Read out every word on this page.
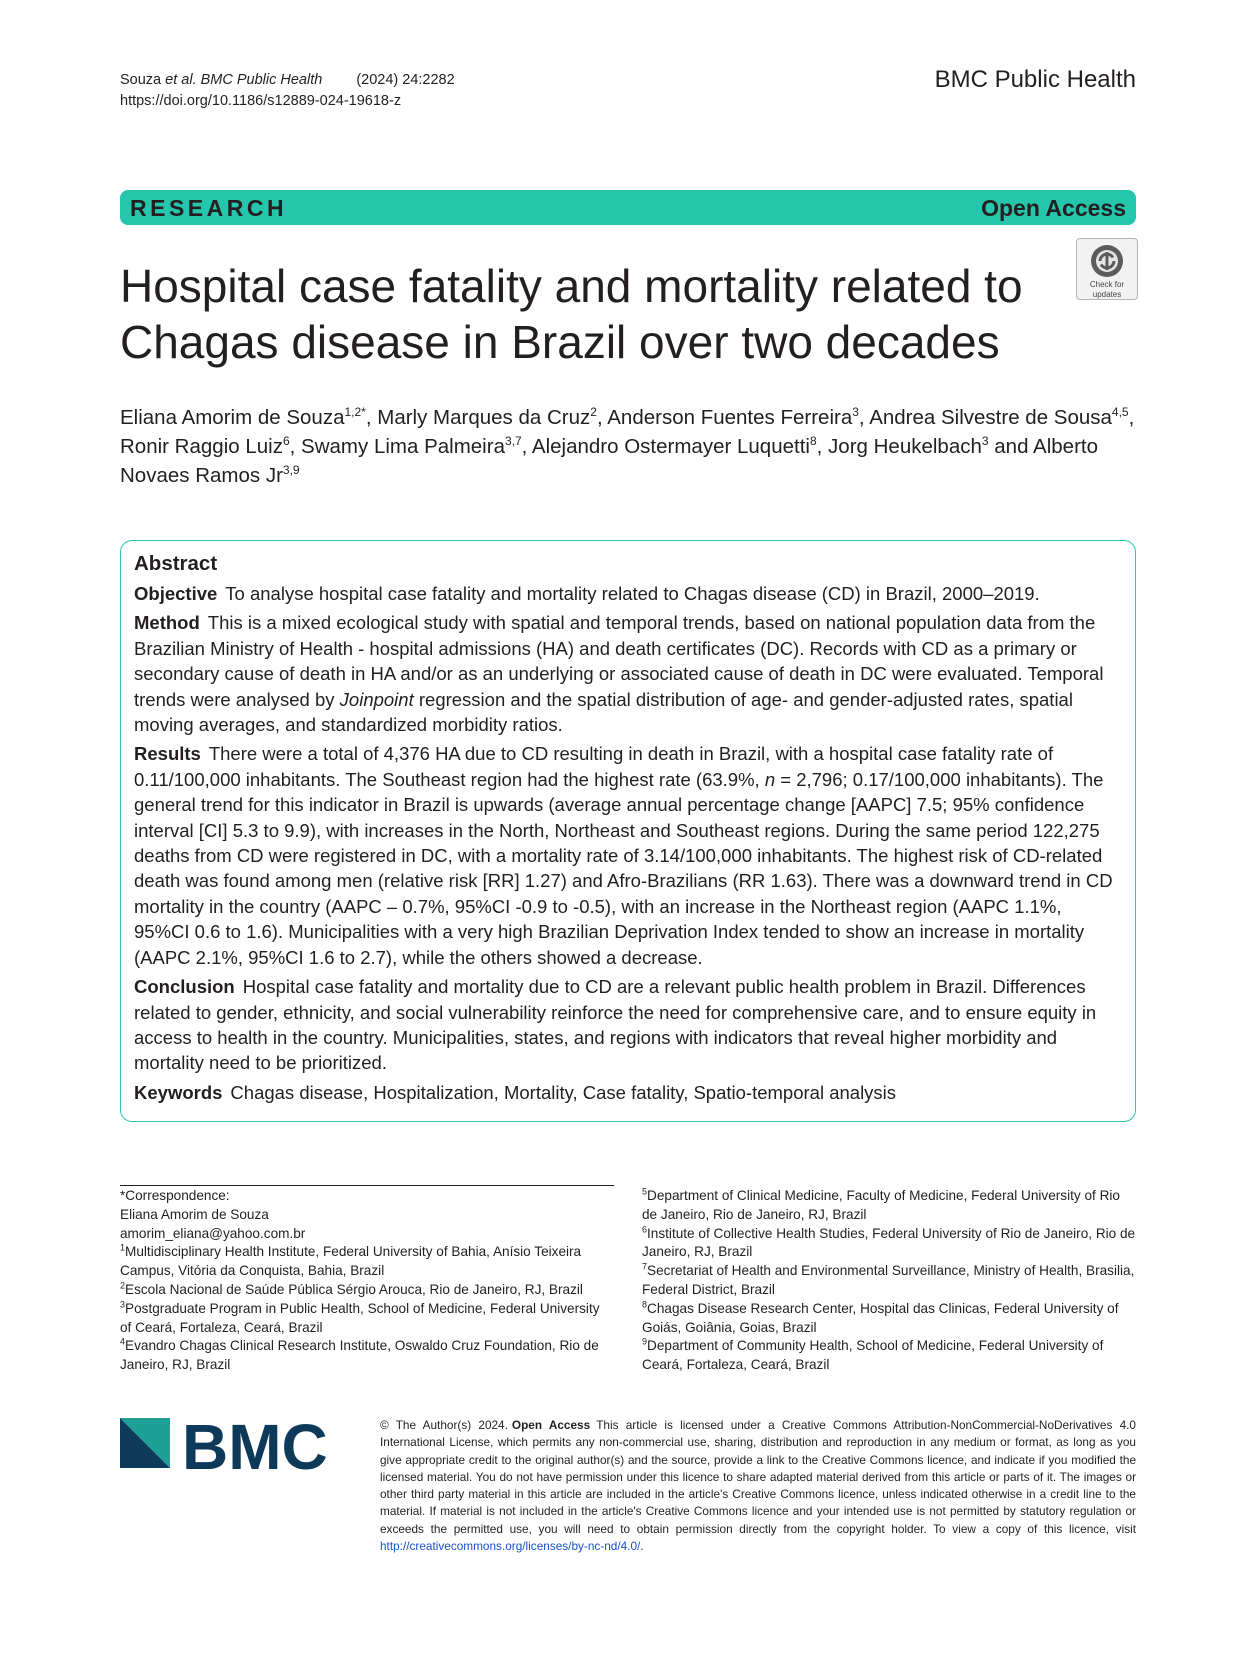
Souza et al. BMC Public Health (2024) 24:2282
https://doi.org/10.1186/s12889-024-19618-z
BMC Public Health
RESEARCH	Open Access
Check for
updates
Hospital case fatality and mortality related to Chagas disease in Brazil over two decades
Eliana Amorim de Souza$^{1,2*}$, Marly Marques da Cruz$^2$, Anderson Fuentes Ferreira$^3$, Andrea Silvestre de Sousa$^{4,5}$, Ronir Raggio Luiz$^6$, Swamy Lima Palmeira$^{3,7}$, Alejandro Ostermayer Luquetti$^8$, Jorg Heukelbach$^3$ and Alberto Novaes Ramos Jr$^{3,9}$
Abstract

Objective To analyse hospital case fatality and mortality related to Chagas disease (CD) in Brazil, 2000–2019.

Method This is a mixed ecological study with spatial and temporal trends, based on national population data from the Brazilian Ministry of Health - hospital admissions (HA) and death certificates (DC). Records with CD as a primary or secondary cause of death in HA and/or as an underlying or associated cause of death in DC were evaluated. Temporal trends were analysed by Joinpoint regression and the spatial distribution of age- and gender-adjusted rates, spatial moving averages, and standardized morbidity ratios.

Results There were a total of 4,376 HA due to CD resulting in death in Brazil, with a hospital case fatality rate of 0.11/100,000 inhabitants. The Southeast region had the highest rate (63.9%, n = 2,796; 0.17/100,000 inhabitants). The general trend for this indicator in Brazil is upwards (average annual percentage change [AAPC] 7.5; 95% confidence interval [CI] 5.3 to 9.9), with increases in the North, Northeast and Southeast regions. During the same period 122,275 deaths from CD were registered in DC, with a mortality rate of 3.14/100,000 inhabitants. The highest risk of CD-related death was found among men (relative risk [RR] 1.27) and Afro-Brazilians (RR 1.63). There was a downward trend in CD mortality in the country (AAPC – 0.7%, 95%CI -0.9 to -0.5), with an increase in the Northeast region (AAPC 1.1%, 95%CI 0.6 to 1.6). Municipalities with a very high Brazilian Deprivation Index tended to show an increase in mortality (AAPC 2.1%, 95%CI 1.6 to 2.7), while the others showed a decrease.

Conclusion Hospital case fatality and mortality due to CD are a relevant public health problem in Brazil. Differences related to gender, ethnicity, and social vulnerability reinforce the need for comprehensive care, and to ensure equity in access to health in the country. Municipalities, states, and regions with indicators that reveal higher morbidity and mortality need to be prioritized.

Keywords Chagas disease, Hospitalization, Mortality, Case fatality, Spatio-temporal analysis

*Correspondence:
Eliana Amorim de Souza
amorim_eliana@yahoo.com.br
$^1$Multidisciplinary Health Institute, Federal University of Bahia, Anísio Teixeira Campus, Vitória da Conquista, Bahia, Brazil
$^2$Escola Nacional de Saúde Pública Sérgio Arouca, Rio de Janeiro, RJ, Brazil
$^3$Postgraduate Program in Public Health, School of Medicine, Federal University of Ceará, Fortaleza, Ceará, Brazil
$^4$Evandro Chagas Clinical Research Institute, Oswaldo Cruz Foundation, Rio de Janeiro, RJ, Brazil
$^5$Department of Clinical Medicine, Faculty of Medicine, Federal University of Rio de Janeiro, Rio de Janeiro, RJ, Brazil
$^6$Institute of Collective Health Studies, Federal University of Rio de Janeiro, Rio de Janeiro, RJ, Brazil
$^7$Secretariat of Health and Environmental Surveillance, Ministry of Health, Brasilia, Federal District, Brazil
$^8$Chagas Disease Research Center, Hospital das Clinicas, Federal University of Goiás, Goiânia, Goias, Brazil
$^9$Department of Community Health, School of Medicine, Federal University of Ceará, Fortaleza, Ceará, Brazil
BMC	© The Author(s) 2024. Open Access This article is licensed under a Creative Commons Attribution-NonCommercial-NoDerivatives 4.0 International License, which permits any non-commercial use, sharing, distribution and reproduction in any medium or format, as long as you give appropriate credit to the original author(s) and the source, provide a link to the Creative Commons licence, and indicate if you modified the licensed material. You do not have permission under this licence to share adapted material derived from this article or parts of it. The images or other third party material in this article are included in the article's Creative Commons licence, unless indicated otherwise in a credit line to the material. If material is not included in the article's Creative Commons licence and your intended use is not permitted by statutory regulation or exceeds the permitted use, you will need to obtain permission directly from the copyright holder. To view a copy of this licence, visit http://creativecommons.org/licenses/by-nc-nd/4.0/.
